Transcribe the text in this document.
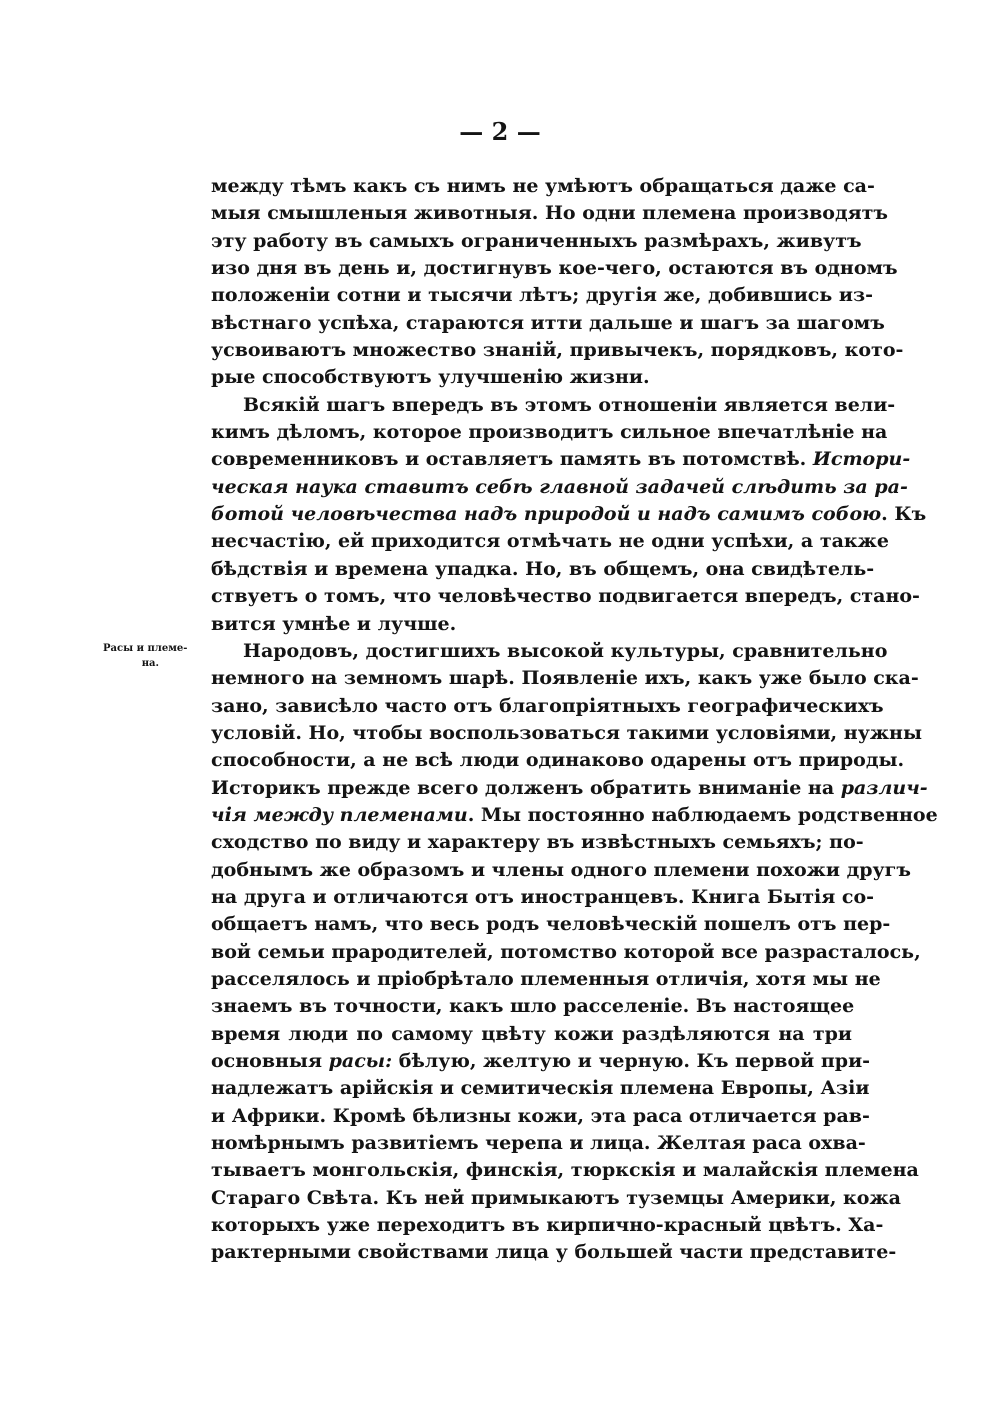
— 2 —
Расы и племе-
на.
между тѣмъ какъ съ нимъ не умѣютъ обращаться даже са-
мыя смышленыя животныя. Но одни племена производятъ
эту работу въ самыхъ ограниченныхъ размѣрахъ, живутъ
изо дня въ день и, достигнувъ кое-чего, остаются въ одномъ
положеніи сотни и тысячи лѣтъ; другія же, добившись из-
вѣстнаго успѣха, стараются итти дальше и шагъ за шагомъ
усвоиваютъ множество знаній, привычекъ, порядковъ, кото-
рые способствуютъ улучшенію жизни.
Всякій шагъ впередъ въ этомъ отношеніи является вели-
кимъ дѣломъ, которое производитъ сильное впечатлѣніе на
современниковъ и оставляетъ память въ потомствѣ. Истори-
ческая наука ставитъ себѣ главной задачей слѣдить за ра-
ботой человѣчества надъ природой и надъ самимъ собою. Къ
несчастію, ей приходится отмѣчать не одни успѣхи, а также
бѣдствія и времена упадка. Но, въ общемъ, она свидѣтель-
ствуетъ о томъ, что человѣчество подвигается впередъ, стано-
вится умнѣе и лучше.
Народовъ, достигшихъ высокой культуры, сравнительно
немного на земномъ шарѣ. Появленіе ихъ, какъ уже было ска-
зано, зависѣло часто отъ благопріятныхъ географическихъ
условій. Но, чтобы воспользоваться такими условіями, нужны
способности, а не всѣ люди одинаково одарены отъ природы.
Историкъ прежде всего долженъ обратить вниманіе на различ-
чія между племенами. Мы постоянно наблюдаемъ родственное
сходство по виду и характеру въ извѣстныхъ семьяхъ; по-
добнымъ же образомъ и члены одного племени похожи другъ
на друга и отличаются отъ иностранцевъ. Книга Бытія со-
общаетъ намъ, что весь родъ человѣческій пошелъ отъ пер-
вой семьи прародителей, потомство которой все разрасталось,
расселялось и пріобрѣтало племенныя отличія, хотя мы не
знаемъ въ точности, какъ шло расселеніе. Въ настоящее
время люди по самому цвѣту кожи раздѣляются на три
основныя расы: бѣлую, желтую и черную. Къ первой при-
надлежатъ арійскія и семитическія племена Европы, Азіи
и Африки. Кромѣ бѣлизны кожи, эта раса отличается рав-
номѣрнымъ развитіемъ черепа и лица. Желтая раса охва-
тываетъ монгольскія, финскія, тюркскія и малайскія племена
Стараго Свѣта. Къ ней примыкаютъ туземцы Америки, кожа
которыхъ уже переходитъ въ кирпично-красный цвѣтъ. Ха-
рактерными свойствами лица у большей части представите-
